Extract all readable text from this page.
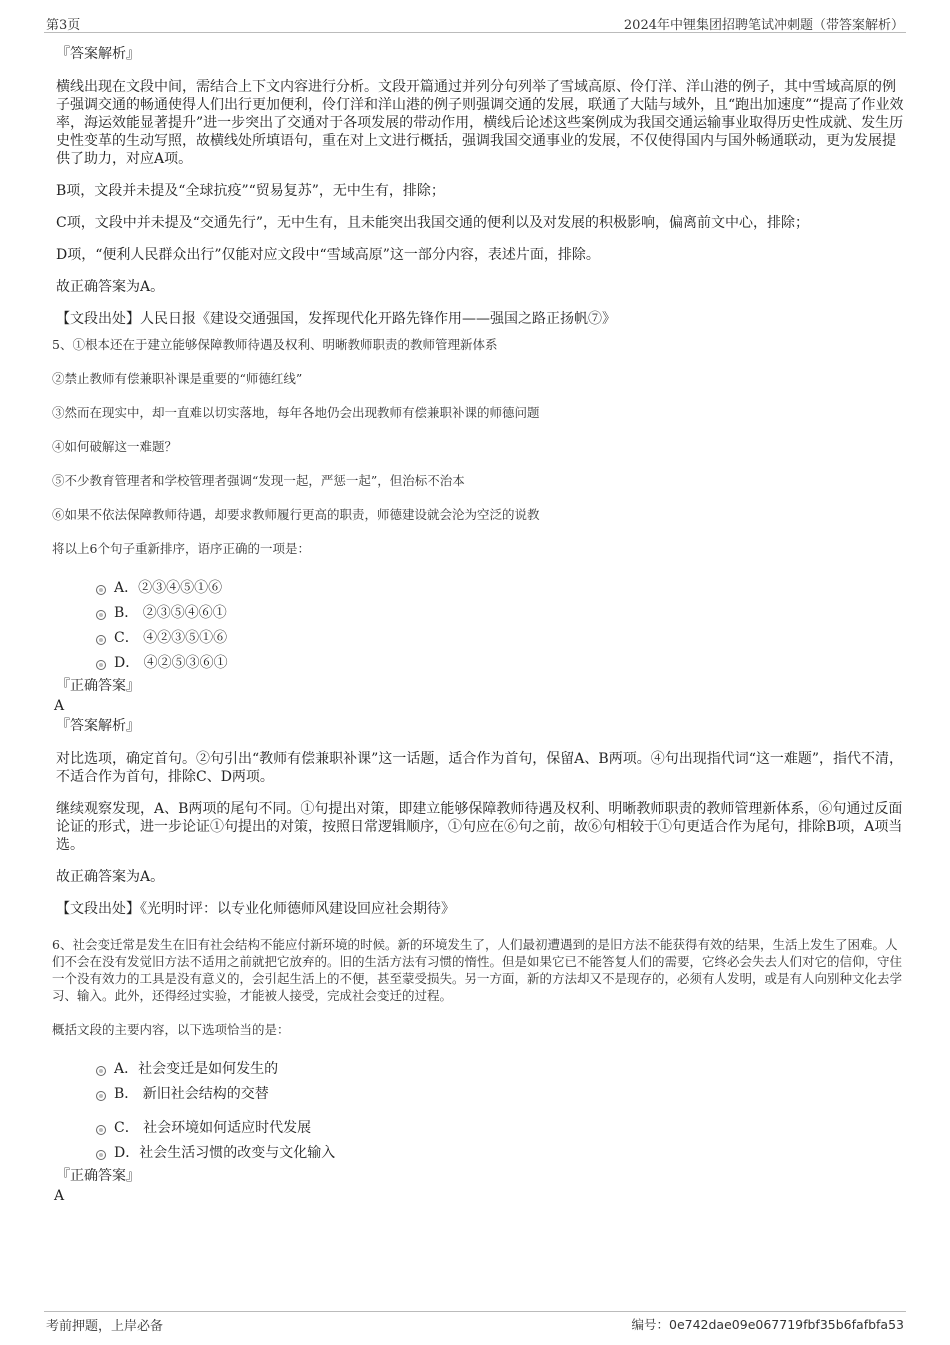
第3页	2024年中锂集团招聘笔试冲刺题（带答案解析）
『答案解析』

横线出现在文段中间，需结合上下文内容进行分析。文段开篇通过并列分句列举了雪域高原、伶仃洋、洋山港的例子，其中雪域高原的例子强调交通的畅通使得人们出行更加便利，伶仃洋和洋山港的例子则强调交通的发展，联通了大陆与域外，且“跑出加速度”“提高了作业效率，海运效能显著提升”进一步突出了交通对于各项发展的带动作用，横线后论述这些案例成为我国交通运输事业取得历史性成就、发生历史性变革的生动写照，故横线处所填语句，重在对上文进行概括，强调我国交通事业的发展，不仅使得国内与国外畅通联动，更为发展提供了助力，对应A项。

B项，文段并未提及“全球抗疫”“贸易复苏”，无中生有，排除；

C项，文段中并未提及“交通先行”，无中生有，且未能突出我国交通的便利以及对发展的积极影响，偏离前文中心，排除；

D项，“便利人民群众出行”仅能对应文段中“雪域高原”这一部分内容，表述片面，排除。

故正确答案为A。

【文段出处】人民日报《建设交通强国，发挥现代化开路先锋作用——强国之路正扬帆⑦》

5、①根本还在于建立能够保障教师待遇及权利、明晰教师职责的教师管理新体系

②禁止教师有偿兼职补课是重要的“师德红线”

③然而在现实中，却一直难以切实落地，每年各地仍会出现教师有偿兼职补课的师德问题

④如何破解这一难题？

⑤不少教育管理者和学校管理者强调“发现一起，严惩一起”，但治标不治本

⑥如果不依法保障教师待遇，却要求教师履行更高的职责，师德建设就会沦为空泛的说教

将以上6个句子重新排序，语序正确的一项是：

A．②③④⑤①⑥
B． ②③⑤④⑥①
C． ④②③⑤①⑥
D． ④②⑤③⑥①
『正确答案』
A
『答案解析』

对比选项，确定首句。②句引出“教师有偿兼职补课”这一话题，适合作为首句，保留A、B两项。④句出现指代词“这一难题”，指代不清，不适合作为首句，排除C、D两项。

继续观察发现，A、B两项的尾句不同。①句提出对策，即建立能够保障教师待遇及权利、明晰教师职责的教师管理新体系，⑥句通过反面论证的形式，进一步论证①句提出的对策，按照日常逻辑顺序，①句应在⑥句之前，故⑥句相较于①句更适合作为尾句，排除B项，A项当选。

故正确答案为A。

【文段出处】《光明时评：以专业化师德师风建设回应社会期待》

6、社会变迁常是发生在旧有社会结构不能应付新环境的时候。新的环境发生了，人们最初遭遇到的是旧方法不能获得有效的结果，生活上发生了困难。人们不会在没有发觉旧方法不适用之前就把它放弃的。旧的生活方法有习惯的惰性。但是如果它已不能答复人们的需要，它终必会失去人们对它的信仰，守住一个没有效力的工具是没有意义的，会引起生活上的不便，甚至蒙受损失。另一方面，新的方法却又不是现存的，必须有人发明，或是有人向别种文化去学习、输入。此外，还得经过实验，才能被人接受，完成社会变迁的过程。

概括文段的主要内容，以下选项恰当的是：

A．社会变迁是如何发生的
B． 新旧社会结构的交替
C． 社会环境如何适应时代发展
D．社会生活习惯的改变与文化输入
『正确答案』
A
考前押题，上岸必备	编号：0e742dae09e067719fbf35b6fafbfa53
